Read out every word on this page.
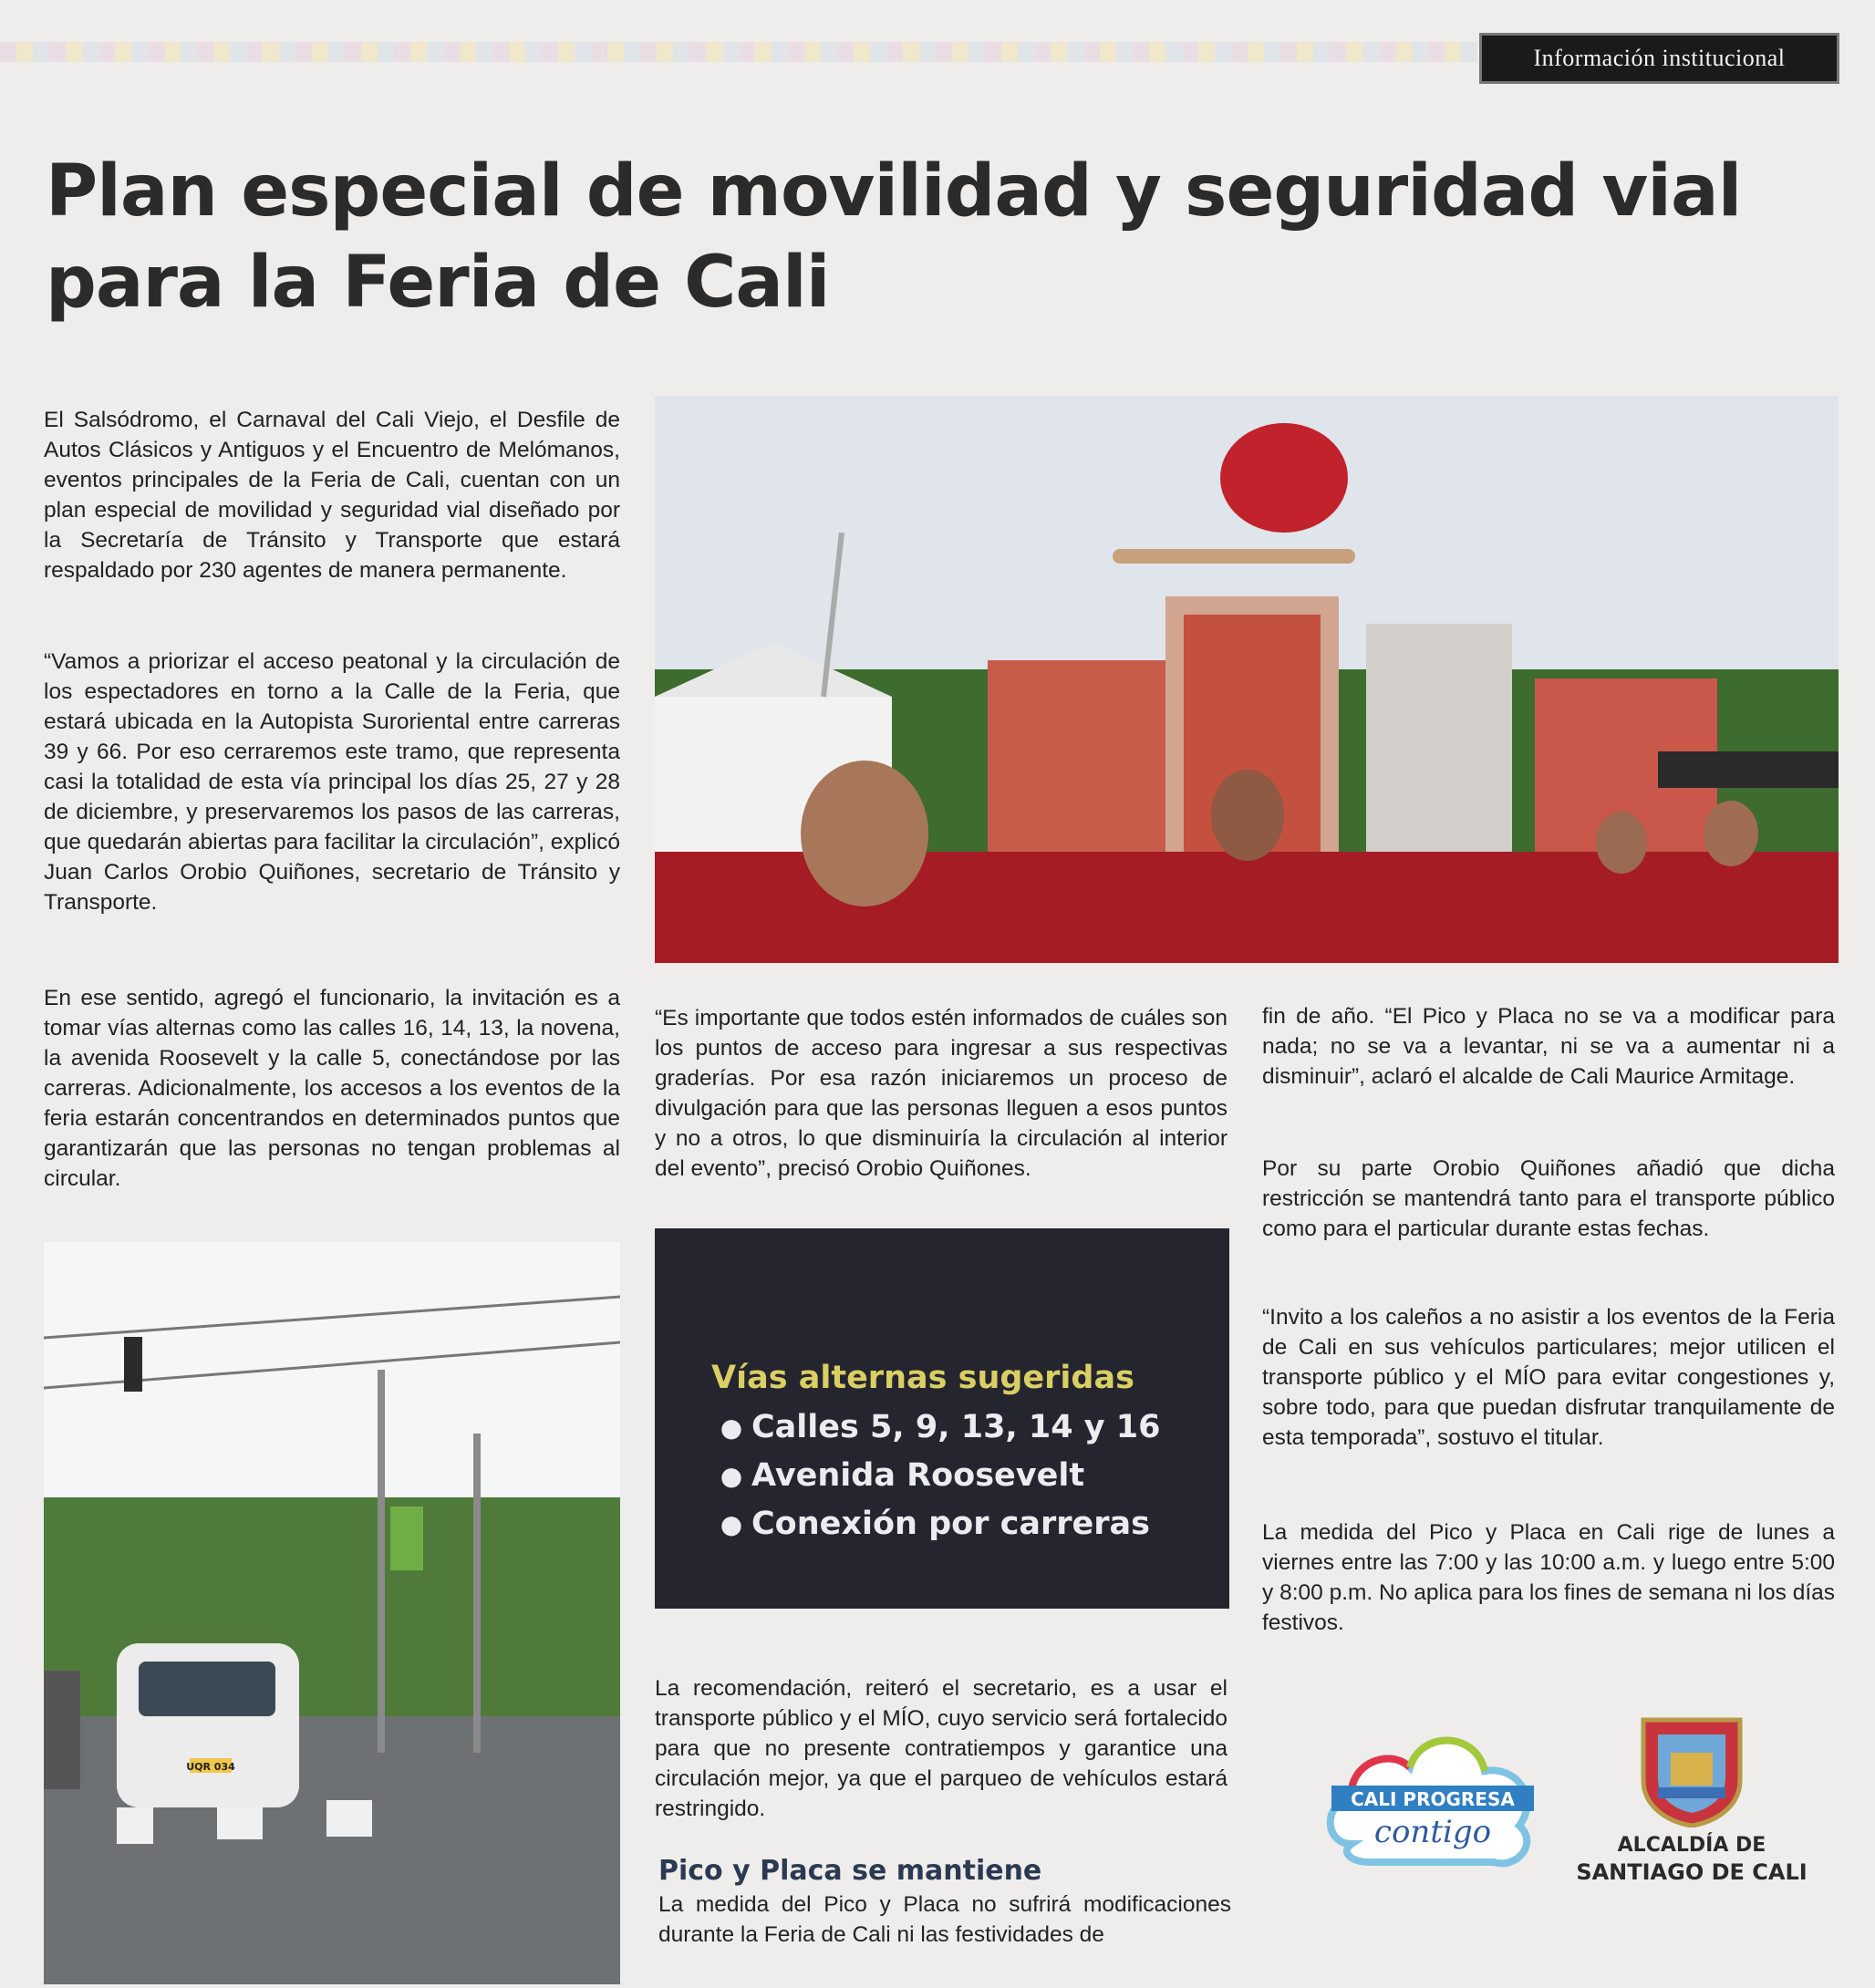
Información institucional
Plan especial de movilidad y seguridad vial para la Feria de Cali

El Salsódromo, el Carnaval del Cali Viejo, el Desfile de Autos Clásicos y Antiguos y el Encuentro de Melómanos, eventos principales de la Feria de Cali, cuentan con un plan especial de movilidad y seguridad vial diseñado por la Secretaría de Tránsito y Transporte que estará respaldado por 230 agentes de manera permanente.

“Vamos a priorizar el acceso peatonal y la circulación de los espectadores en torno a la Calle de la Feria, que estará ubicada en la Autopista Suroriental entre carreras 39 y 66. Por eso cerraremos este tramo, que representa casi la totalidad de esta vía principal los días 25, 27 y 28 de diciembre, y preservaremos los pasos de las carreras, que quedarán abiertas para facilitar la circulación”, explicó Juan Carlos Orobio Quiñones, secretario de Tránsito y Transporte.

En ese sentido, agregó el funcionario, la invitación es a tomar vías alternas como las calles 16, 14, 13, la novena, la avenida Roosevelt y la calle 5, conectándose por las carreras. Adicionalmente, los accesos a los eventos de la feria estarán concentrandos en determinados puntos que garantizarán que las personas no tengan problemas al circular.

“Es importante que todos estén informados de cuáles son los puntos de acceso para ingresar a sus respectivas graderías. Por esa razón iniciaremos un proceso de divulgación para que las personas lleguen a esos puntos y no a otros, lo que disminuiría la circulación al interior del evento”, precisó Orobio Quiñones.

UQR 034
Vías alternas sugeridas
● Calles 5, 9, 13, 14 y 16
● Avenida Roosevelt
● Conexión por carreras

La recomendación, reiteró el secretario, es a usar el transporte público y el MÍO, cuyo servicio será fortalecido para que no presente contratiempos y garantice una circulación mejor, ya que el parqueo de vehículos estará restringido.

Pico y Placa se mantiene

La medida del Pico y Placa no sufrirá modificaciones durante la Feria de Cali ni las festividades de

fin de año. “El Pico y Placa no se va a modificar para nada; no se va a levantar, ni se va a aumentar ni a disminuir”, aclaró el alcalde de Cali Maurice Armitage.

Por su parte Orobio Quiñones añadió que dicha restricción se mantendrá tanto para el transporte público como para el particular durante estas fechas.

“Invito a los caleños a no asistir a los eventos de la Feria de Cali en sus vehículos particulares; mejor utilicen el transporte público y el MÍO para evitar congestiones y, sobre todo, para que puedan disfrutar tranquilamente de esta temporada”, sostuvo el titular.

La medida del Pico y Placa en Cali rige de lunes a viernes entre las 7:00 y las 10:00 a.m. y luego entre 5:00 y 8:00 p.m. No aplica para los fines de semana ni los días festivos.

CALI PROGRESA
contigo	ALCALDÍA DE
SANTIAGO DE CALI
